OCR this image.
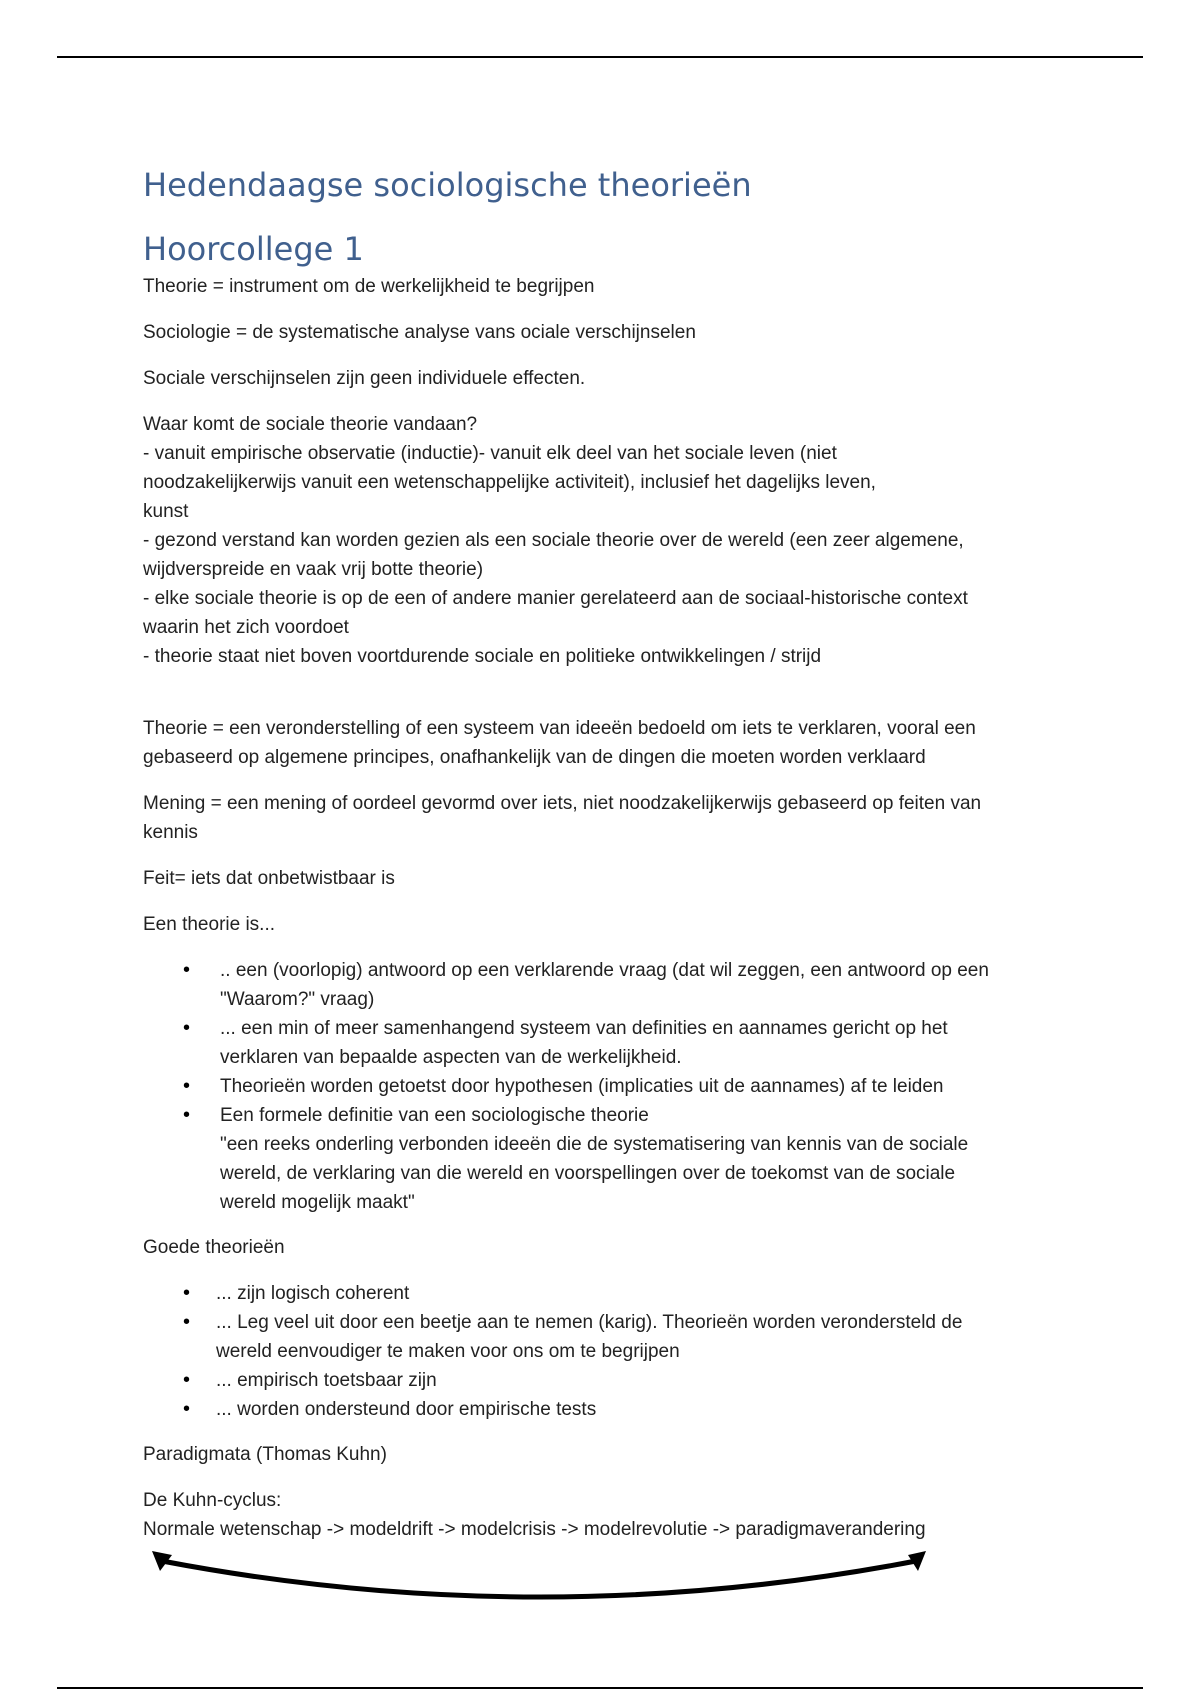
Hedendaagse sociologische theorieën
Hoorcollege 1

Theorie = instrument om de werkelijkheid te begrijpen

Sociologie = de systematische analyse vans ociale verschijnselen

Sociale verschijnselen zijn geen individuele effecten.

Waar komt de sociale theorie vandaan?
- vanuit empirische observatie (inductie)- vanuit elk deel van het sociale leven (niet
noodzakelijkerwijs vanuit een wetenschappelijke activiteit), inclusief het dagelijks leven,
kunst
- gezond verstand kan worden gezien als een sociale theorie over de wereld (een zeer algemene,
wijdverspreide en vaak vrij botte theorie)
- elke sociale theorie is op de een of andere manier gerelateerd aan de sociaal-historische context
waarin het zich voordoet
- theorie staat niet boven voortdurende sociale en politieke ontwikkelingen / strijd

Theorie = een veronderstelling of een systeem van ideeën bedoeld om iets te verklaren, vooral een
gebaseerd op algemene principes, onafhankelijk van de dingen die moeten worden verklaard

Mening = een mening of oordeel gevormd over iets, niet noodzakelijkerwijs gebaseerd op feiten van
kennis

Feit= iets dat onbetwistbaar is

Een theorie is...

• .. een (voorlopig) antwoord op een verklarende vraag (dat wil zeggen, een antwoord op een
"Waarom?" vraag)
• ... een min of meer samenhangend systeem van definities en aannames gericht op het
verklaren van bepaalde aspecten van de werkelijkheid.
• Theorieën worden getoetst door hypothesen (implicaties uit de aannames) af te leiden
• Een formele definitie van een sociologische theorie
"een reeks onderling verbonden ideeën die de systematisering van kennis van de sociale
wereld, de verklaring van die wereld en voorspellingen over de toekomst van de sociale
wereld mogelijk maakt"

Goede theorieën

• ... zijn logisch coherent
• ... Leg veel uit door een beetje aan te nemen (karig). Theorieën worden verondersteld de
wereld eenvoudiger te maken voor ons om te begrijpen
• ... empirisch toetsbaar zijn
• ... worden ondersteund door empirische tests

Paradigmata (Thomas Kuhn)

De Kuhn-cyclus:
Normale wetenschap -> modeldrift -> modelcrisis -> modelrevolutie -> paradigmaverandering
